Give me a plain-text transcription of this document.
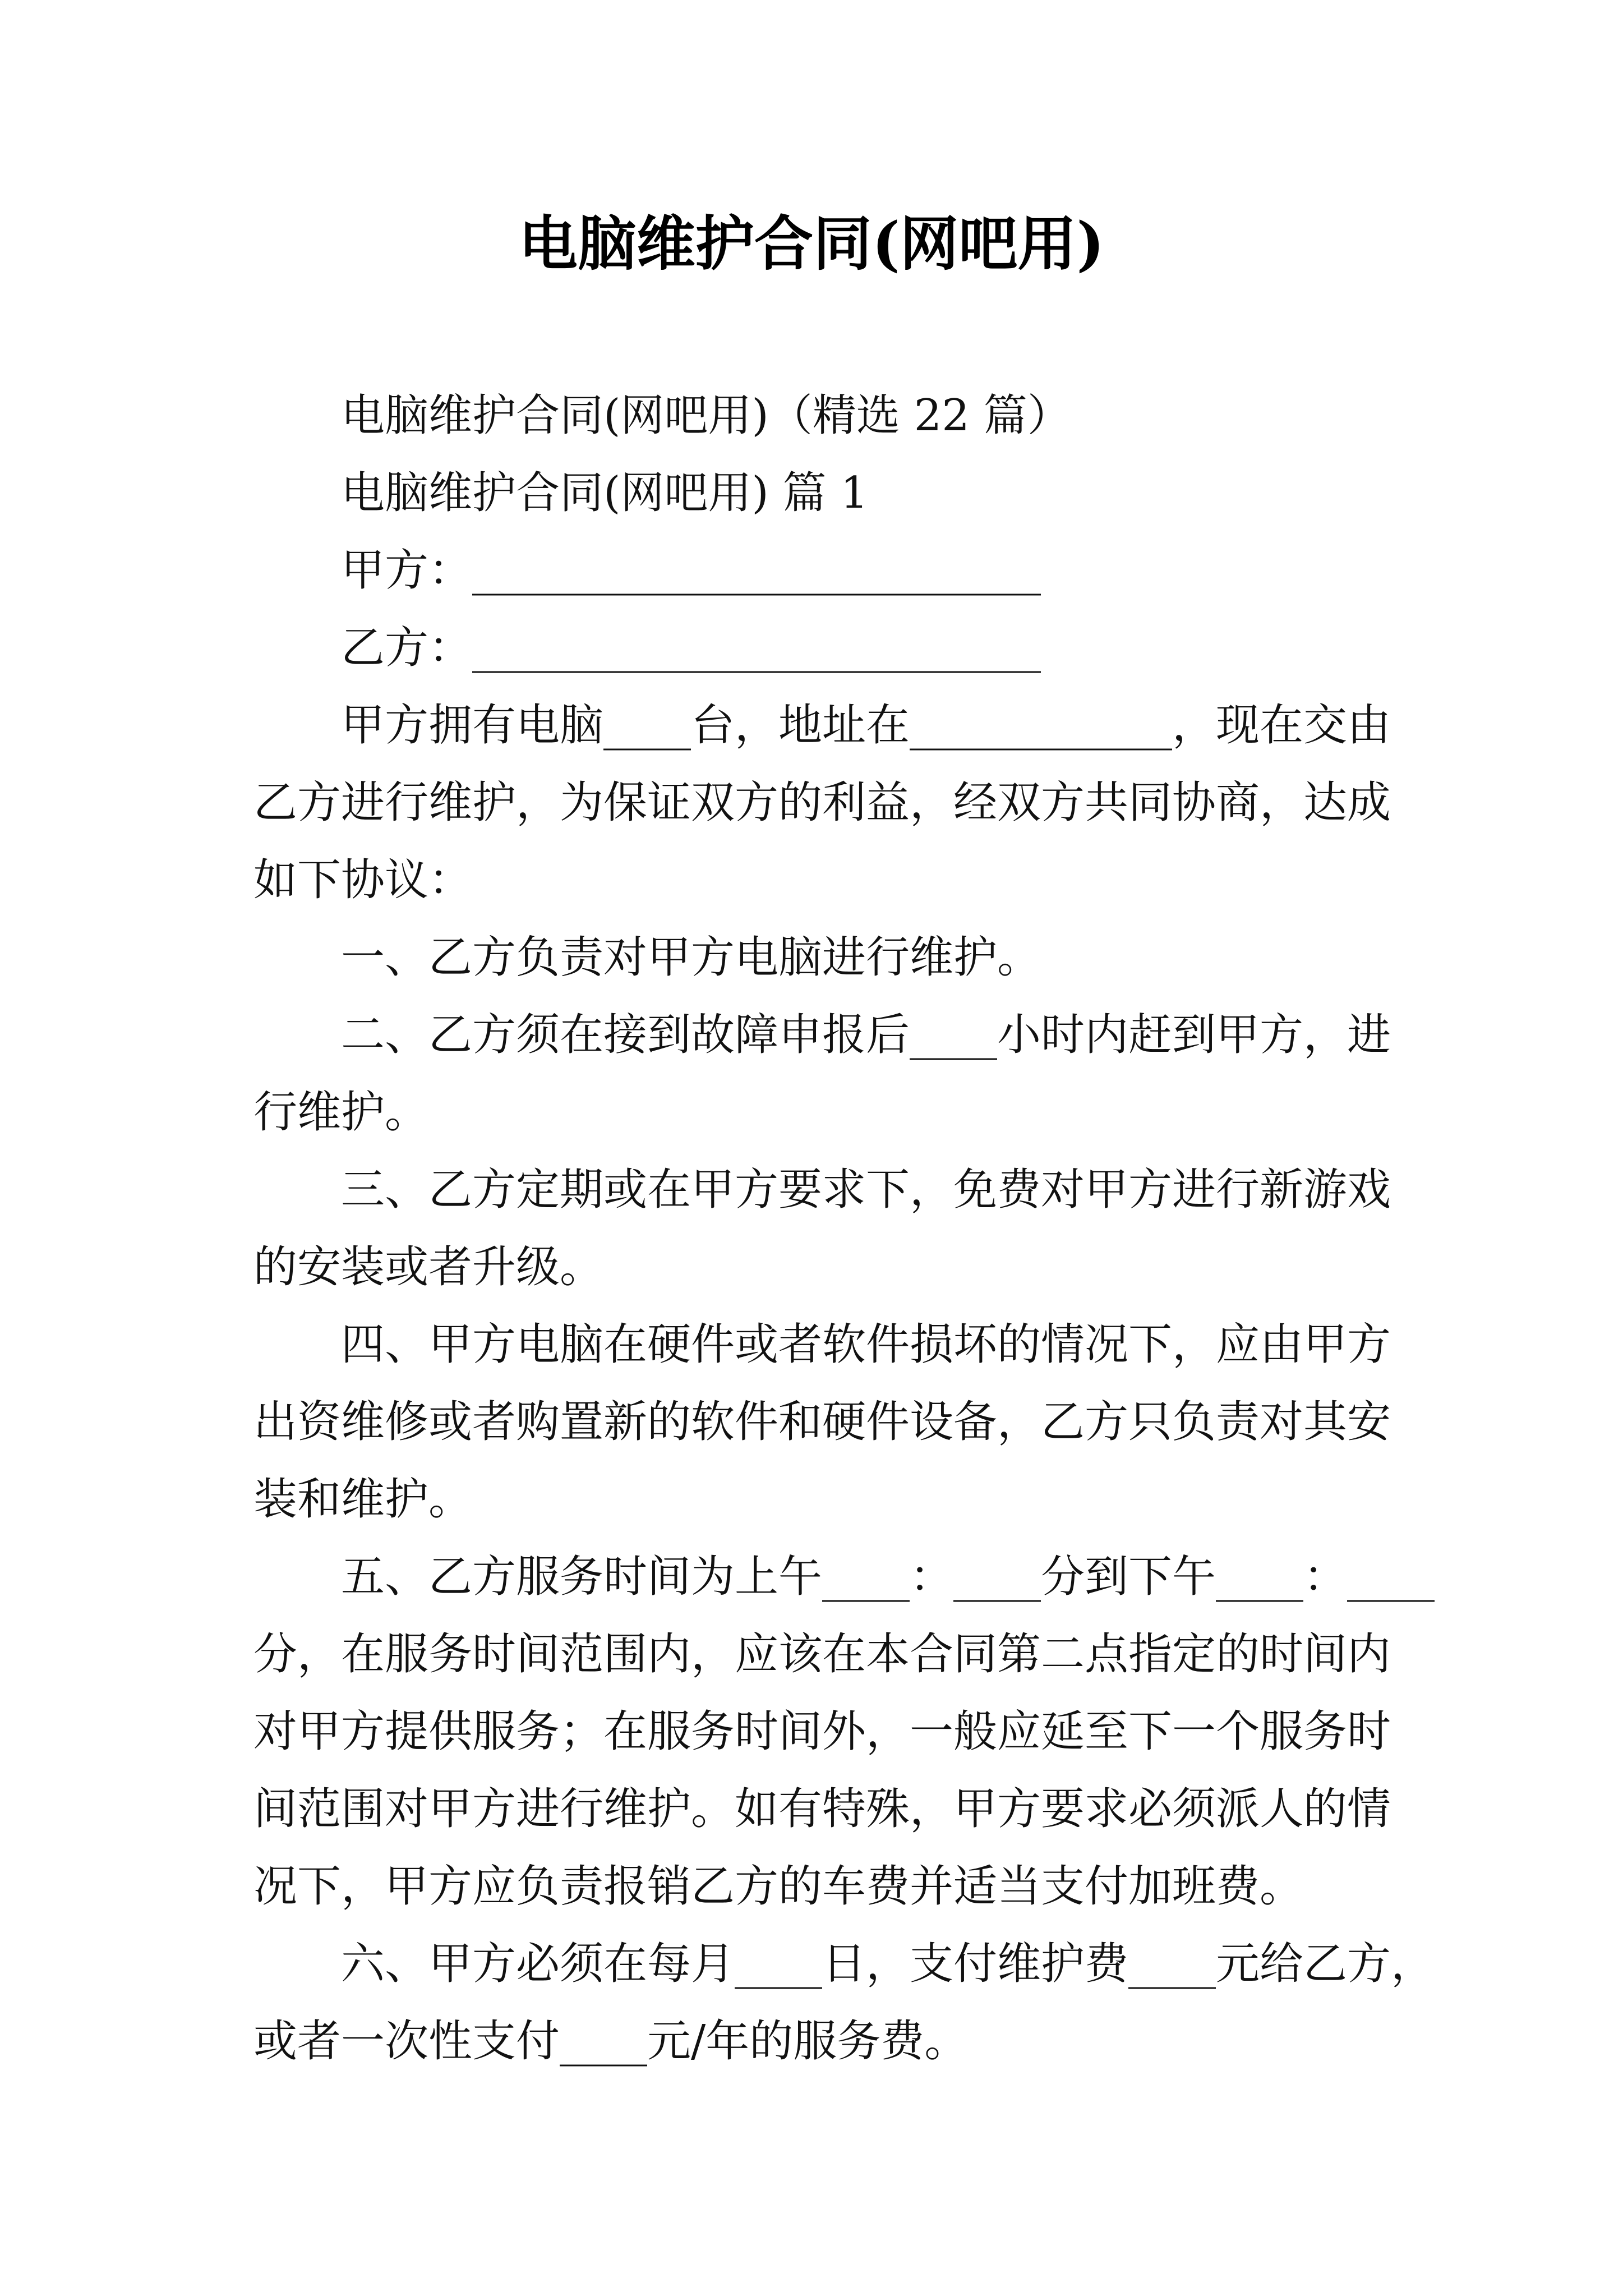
电脑维护合同(网吧用)
电脑维护合同(网吧用)（精选 22 篇）
电脑维护合同(网吧用) 篇 1
甲方：__________________________
乙方：__________________________
甲方拥有电脑____台，地址在____________，现在交由
乙方进行维护，为保证双方的利益，经双方共同协商，达成
如下协议：
一、乙方负责对甲方电脑进行维护。
二、乙方须在接到故障申报后____小时内赶到甲方，进
行维护。
三、乙方定期或在甲方要求下，免费对甲方进行新游戏
的安装或者升级。
四、甲方电脑在硬件或者软件损坏的情况下，应由甲方
出资维修或者购置新的软件和硬件设备，乙方只负责对其安
装和维护。
五、乙方服务时间为上午____：____分到下午____：____
分，在服务时间范围内，应该在本合同第二点指定的时间内
对甲方提供服务；在服务时间外，一般应延至下一个服务时
间范围对甲方进行维护。如有特殊，甲方要求必须派人的情
况下，甲方应负责报销乙方的车费并适当支付加班费。
六、甲方必须在每月____日，支付维护费____元给乙方，
或者一次性支付____元/年的服务费。
